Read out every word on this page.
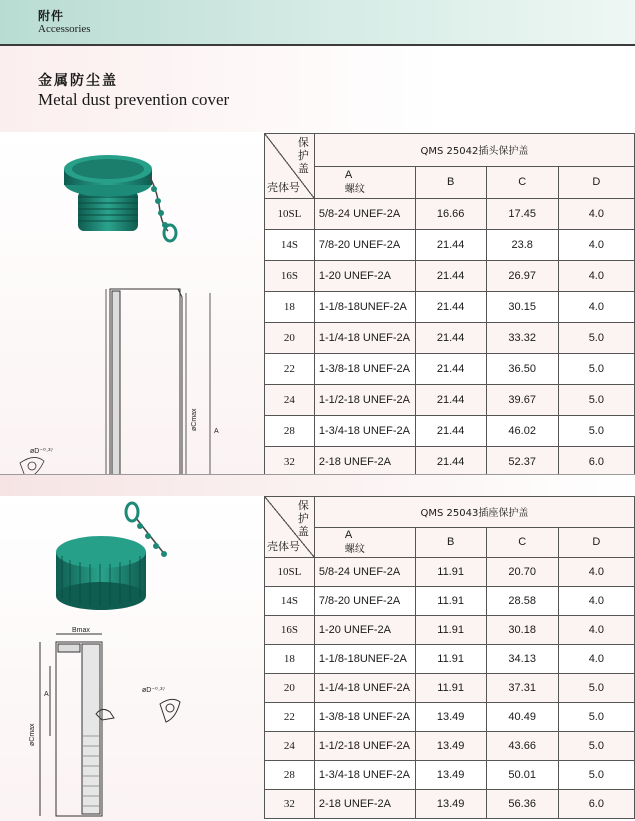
附件
Accessories
金属防尘盖
Metal dust prevention cover
øCmax
A
øD⁻⁰·³⁷
保
护
盖
壳体号	QMS 25042插头保护盖			

	A
螺纹	B	C	D
10SL	5/8-24 UNEF-2A	16.66	17.45	4.0
14S	7/8-20 UNEF-2A	21.44	23.8	4.0
16S	1-20 UNEF-2A	21.44	26.97	4.0
18	1-1/8-18UNEF-2A	21.44	30.15	4.0
20	1-1/4-18 UNEF-2A	21.44	33.32	5.0
22	1-3/8-18 UNEF-2A	21.44	36.50	5.0
24	1-1/2-18 UNEF-2A	21.44	39.67	5.0
28	1-3/4-18 UNEF-2A	21.44	46.02	5.0
32	2-18 UNEF-2A	21.44	52.37	6.0
Bmax
A
øCmax
øD⁻⁰·³⁷
保
护
盖
壳体号	QMS 25043插座保护盖			

	A
螺纹	B	C	D
10SL	5/8-24 UNEF-2A	11.91	20.70	4.0
14S	7/8-20 UNEF-2A	11.91	28.58	4.0
16S	1-20 UNEF-2A	11.91	30.18	4.0
18	1-1/8-18UNEF-2A	11.91	34.13	4.0
20	1-1/4-18 UNEF-2A	11.91	37.31	5.0
22	1-3/8-18 UNEF-2A	13.49	40.49	5.0
24	1-1/2-18 UNEF-2A	13.49	43.66	5.0
28	1-3/4-18 UNEF-2A	13.49	50.01	5.0
32	2-18 UNEF-2A	13.49	56.36	6.0
